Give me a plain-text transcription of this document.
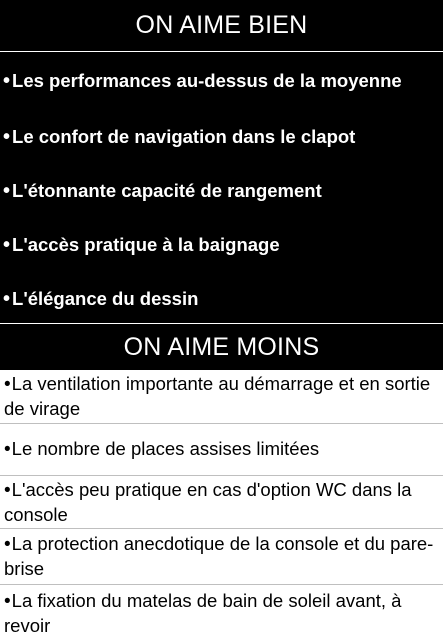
ON AIME BIEN
• Les performances au-dessus de la moyenne
• Le confort de navigation dans le clapot
• L'étonnante capacité de rangement
• L'accès pratique à la baignage
• L'élégance du dessin
ON AIME MOINS
•La ventilation importante au démarrage et en sortie de virage
•Le nombre de places assises limitées
•L'accès peu pratique en cas d'option WC dans la console
•La protection anecdotique de la console et du pare-brise
•La fixation du matelas de bain de soleil avant, à revoir
